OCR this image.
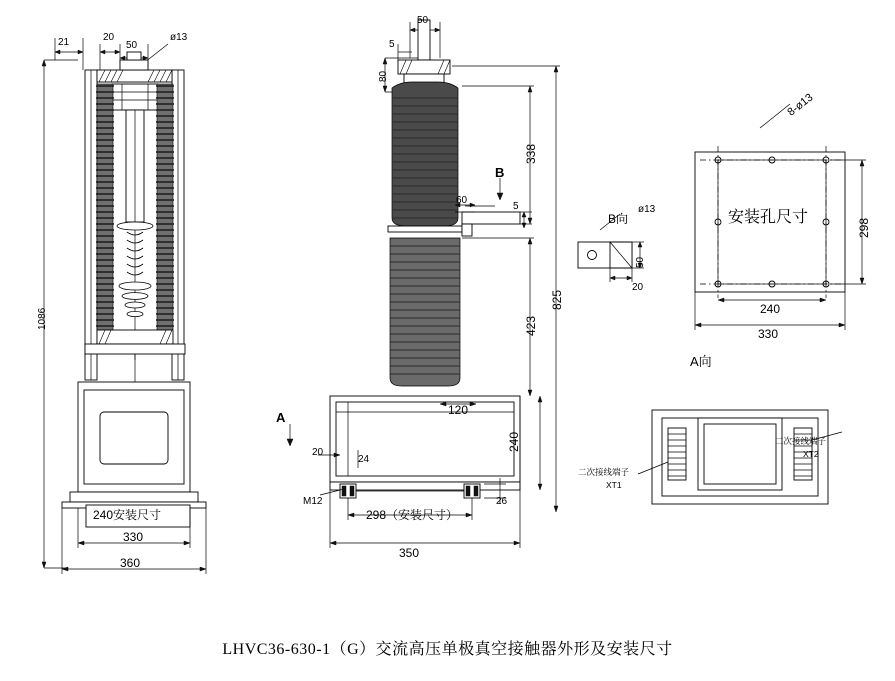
21	20
50
ø13
1086
240安装尺寸
330
360
50
5
80
338
825
423
60
5
120
240
20
24
M12	26
298（安装尺寸）
350
A
B
B向
ø13
50
20
安装孔尺寸
8-ø13
298
240
330
A向
二次接线端子
XT1
二次接线端子
XT2
LHVC36-630-1（G）交流高压单极真空接触器外形及安装尺寸
